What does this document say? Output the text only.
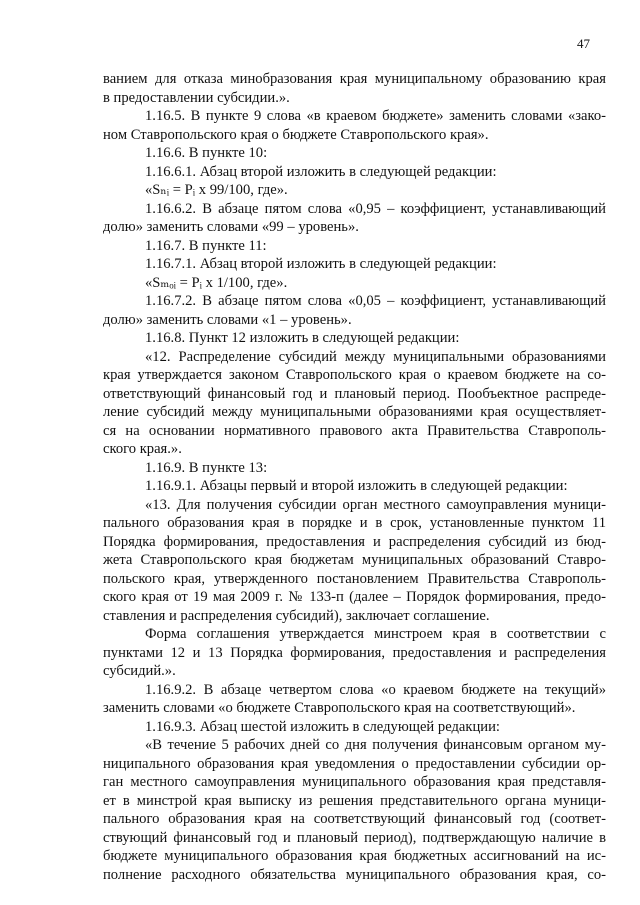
47

ванием для отказа минобразования края муниципальному образованию края

в предоставлении субсидии.».

1.16.5. В пункте 9 слова «в краевом бюджете» заменить словами «зако-

ном Ставропольского края о бюджете Ставропольского края».

1.16.6. В пункте 10:

1.16.6.1. Абзац второй изложить в следующей редакции:

«Sₙᵢ = Pᵢ x 99/100, где».

1.16.6.2. В абзаце пятом слова «0,95 – коэффициент, устанавливающий

долю» заменить словами «99 – уровень».

1.16.7. В пункте 11:

1.16.7.1. Абзац второй изложить в следующей редакции:

«Sₘₒᵢ = Pᵢ x 1/100, где».

1.16.7.2. В абзаце пятом слова «0,05 – коэффициент, устанавливающий

долю» заменить словами «1 – уровень».

1.16.8. Пункт 12 изложить в следующей редакции:

«12. Распределение субсидий между муниципальными образованиями

края утверждается законом Ставропольского края о краевом бюджете на со-

ответствующий финансовый год и плановый период. Пообъектное распреде-

ление субсидий между муниципальными образованиями края осуществляет-

ся на основании нормативного правового акта Правительства Ставрополь-

ского края.».

1.16.9. В пункте 13:

1.16.9.1. Абзацы первый и второй изложить в следующей редакции:

«13. Для получения субсидии орган местного самоуправления муници-

пального образования края в порядке и в срок, установленные пунктом 11

Порядка формирования, предоставления и распределения субсидий из бюд-

жета Ставропольского края бюджетам муниципальных образований Ставро-

польского края, утвержденного постановлением Правительства Ставрополь-

ского края от 19 мая 2009 г. № 133-п (далее – Порядок формирования, предо-

ставления и распределения субсидий), заключает соглашение.

Форма соглашения утверждается минстроем края в соответствии с

пунктами 12 и 13 Порядка формирования, предоставления и распределения

субсидий.».

1.16.9.2. В абзаце четвертом слова «о краевом бюджете на текущий»

заменить словами «о бюджете Ставропольского края на соответствующий».

1.16.9.3. Абзац шестой изложить в следующей редакции:

«В течение 5 рабочих дней со дня получения финансовым органом му-

ниципального образования края уведомления о предоставлении субсидии ор-

ган местного самоуправления муниципального образования края представля-

ет в минстрой края выписку из решения представительного органа муници-

пального образования края на соответствующий финансовый год (соответ-

ствующий финансовый год и плановый период), подтверждающую наличие в

бюджете муниципального образования края бюджетных ассигнований на ис-

полнение расходного обязательства муниципального образования края, со-
